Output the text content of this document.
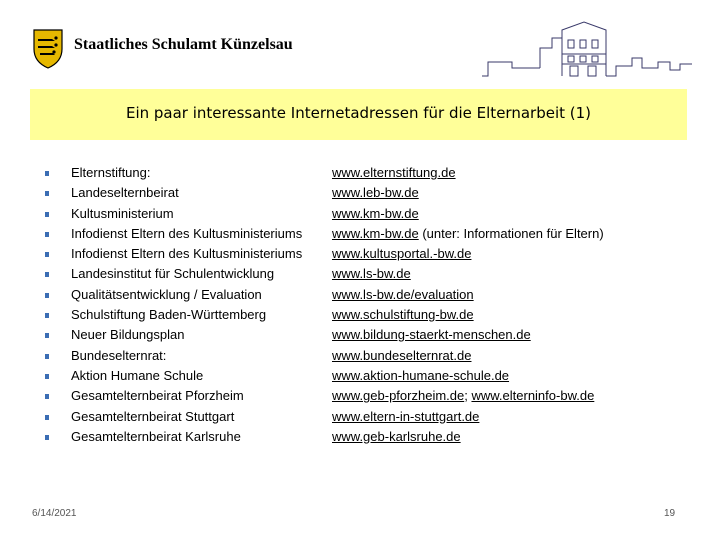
Staatliches Schulamt Künzelsau
Ein paar interessante Internetadressen für die Elternarbeit (1)
Elternstiftung:	www.elternstiftung.de
Landeselternbeirat	www.leb-bw.de
Kultusministerium	www.km-bw.de
Infodienst Eltern des Kultusministeriums www.km-bw.de (unter: Informationen für Eltern)
Infodienst Eltern des Kultusministeriums www.kultusportal.-bw.de
Landesinstitut für Schulentwicklung	www.ls-bw.de
Qualitätsentwicklung / Evaluation	www.ls-bw.de/evaluation
Schulstiftung Baden-Württemberg	www.schulstiftung-bw.de
Neuer Bildungsplan	www.bildung-staerkt-menschen.de
Bundeselternrat:	www.bundeselternrat.de
Aktion Humane Schule	www.aktion-humane-schule.de
Gesamtelternbeirat Pforzheim	www.geb-pforzheim.de; www.elterninfo-bw.de
Gesamtelternbeirat Stuttgart	www.eltern-in-stuttgart.de
Gesamtelternbeirat Karlsruhe	www.geb-karlsruhe.de
6/14/2021	19
